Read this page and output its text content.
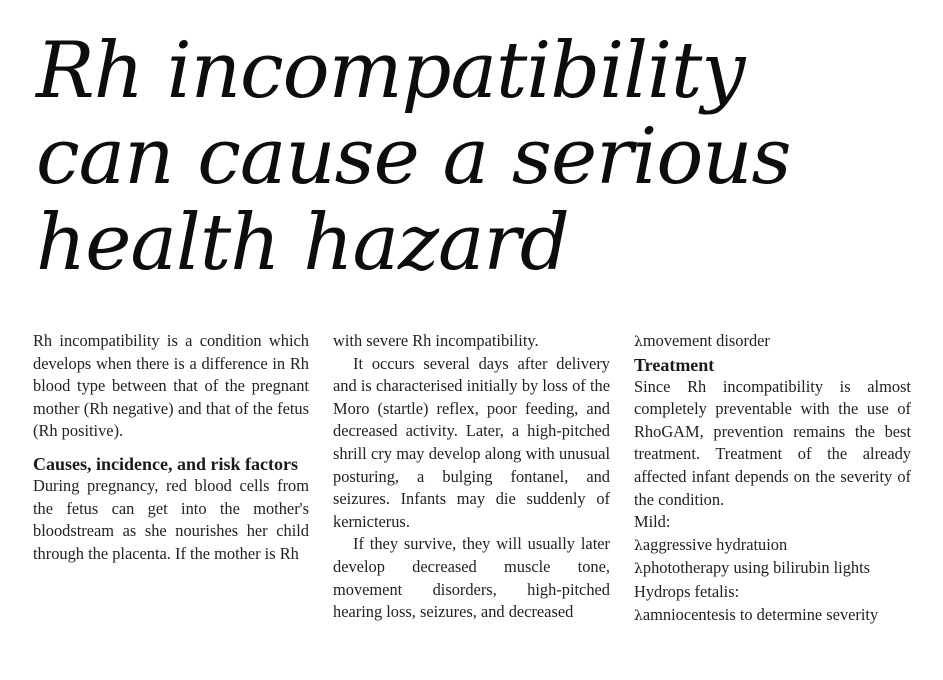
Rh incompatibility
can cause a serious
health hazard

Rh incompatibility is a condition which develops when there is a difference in Rh blood type between that of the pregnant mother (Rh negative) and that of the fetus (Rh positive).

Causes, incidence, and risk factors

During pregnancy, red blood cells from the fetus can get into the mother's bloodstream as she nourishes her child through the placenta. If the mother is Rh

with severe Rh incompatibility.

It occurs several days after delivery and is characterised initially by loss of the Moro (startle) reflex, poor feeding, and decreased activity. Later, a high-pitched shrill cry may develop along with unusual posturing, a bulging fontanel, and seizures. Infants may die suddenly of kernicterus.

If they survive, they will usually later develop decreased muscle tone, movement disorders, high-pitched hearing loss, seizures, and decreased

λmovement disorder
Treatment

Since Rh incompatibility is almost completely preventable with the use of RhoGAM, prevention remains the best treatment. Treatment of the already affected infant depends on the severity of the condition.

Mild:
λaggressive hydratuion
λphototherapy using bilirubin lights
Hydrops fetalis:

λamniocentesis to determine severity
